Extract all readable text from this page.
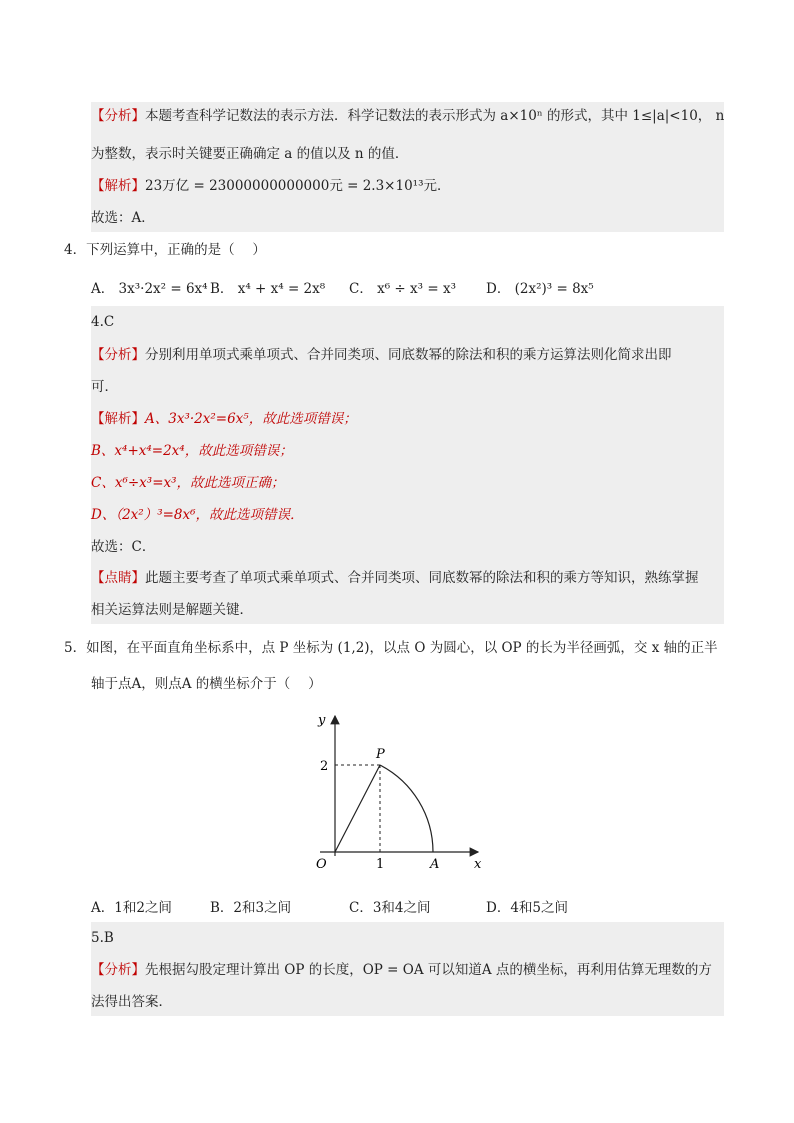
【分析】本题考查科学记数法的表示方法．科学记数法的表示形式为 a×10ⁿ 的形式，其中 1≤|a|<10， n
为整数，表示时关键要正确确定 a 的值以及 n 的值．
【解析】23万亿 = 23000000000000元 = 2.3×10¹³元．
故选：A．
4．下列运算中，正确的是（　 ）
A． 3x³·2x² = 6x⁴ B． x⁴ + x⁴ = 2x⁸ C． x⁶ ÷ x³ = x³ D． (2x²)³ = 8x⁵
4.C
【分析】分别利用单项式乘单项式、合并同类项、同底数幂的除法和积的乘方运算法则化简求出即
可．
【解析】A、3x³·2x²=6x⁵，故此选项错误；
B、x⁴+x⁴=2x⁴，故此选项错误；
C、x⁶÷x³=x³，故此选项正确；
D、（2x²）³=8x⁶，故此选项错误．
故选：C．
【点睛】此题主要考查了单项式乘单项式、合并同类项、同底数幂的除法和积的乘方等知识，熟练掌握
相关运算法则是解题关键．
5．如图，在平面直角坐标系中，点 P 坐标为 (1,2)，以点 O 为圆心，以 OP 的长为半径画弧，交 x 轴的正半
轴于点A，则点A 的横坐标介于（　 ）
y
x
O
P
A
2
1
A．1和2之间	B．2和3之间	C．3和4之间	D．4和5之间
5.B
【分析】先根据勾股定理计算出 OP 的长度，OP = OA 可以知道A 点的横坐标，再利用估算无理数的方
法得出答案．
